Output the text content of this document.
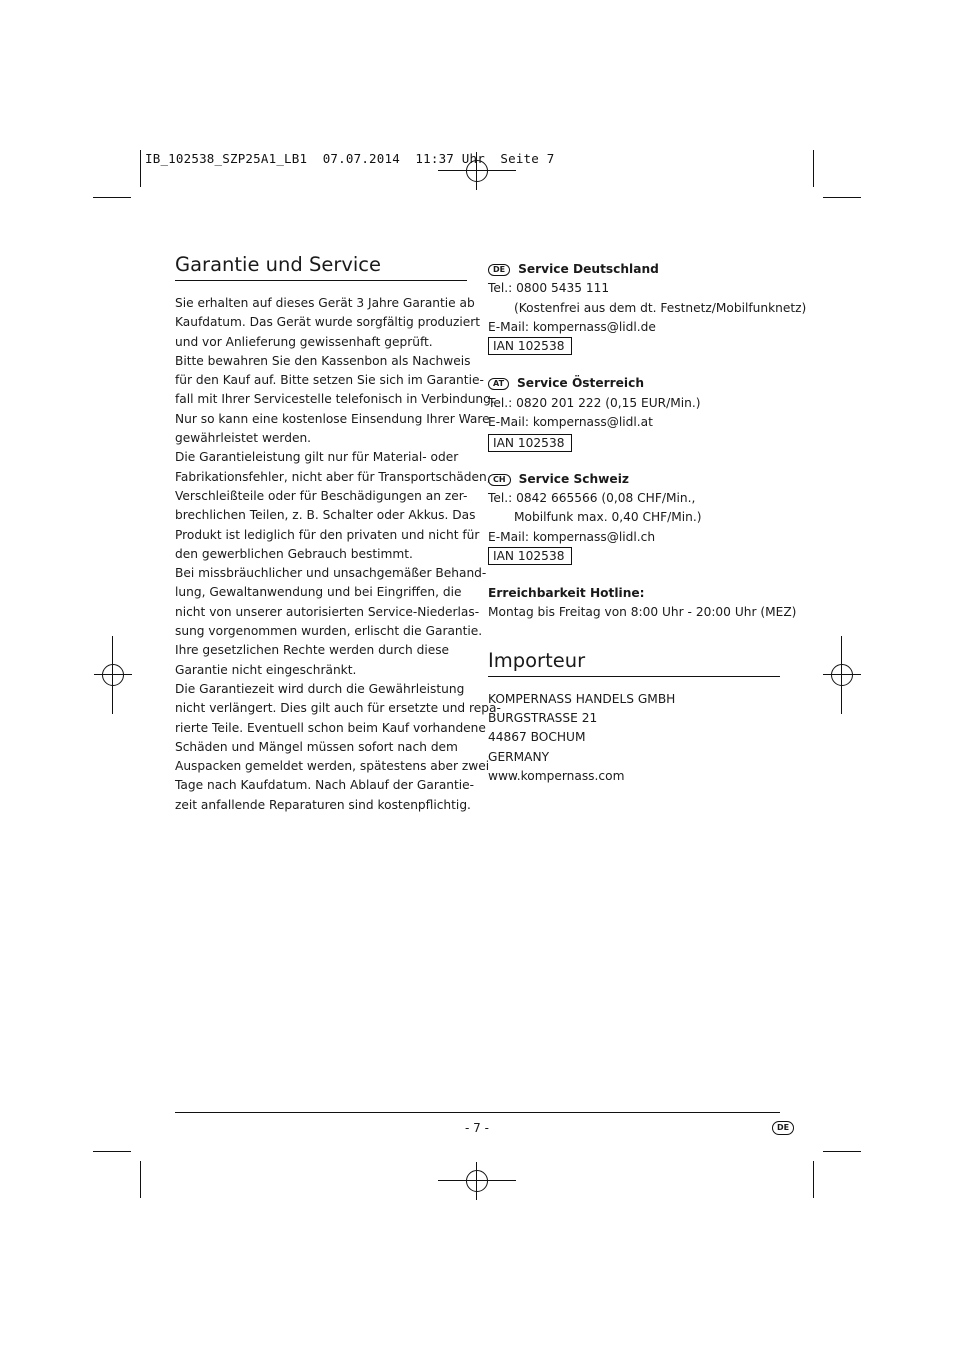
IB_102538_SZP25A1_LB1  07.07.2014  11:37 Uhr  Seite 7
Garantie und Service
Sie erhalten auf dieses Gerät 3 Jahre Garantie ab
Kaufdatum. Das Gerät wurde sorgfältig produziert
und vor Anlieferung gewissenhaft geprüft.
Bitte bewahren Sie den Kassenbon als Nachweis
für den Kauf auf. Bitte setzen Sie sich im Garantie-
fall mit Ihrer Servicestelle telefonisch in Verbindung.
Nur so kann eine kostenlose Einsendung Ihrer Ware
gewährleistet werden.
Die Garantieleistung gilt nur für Material- oder
Fabrikationsfehler, nicht aber für Transportschäden,
Verschleißteile oder für Beschädigungen an zer-
brechlichen Teilen, z. B. Schalter oder Akkus. Das
Produkt ist lediglich für den privaten und nicht für
den gewerblichen Gebrauch bestimmt.
Bei missbräuchlicher und unsachgemäßer Behand-
lung, Gewaltanwendung und bei Eingriffen, die
nicht von unserer autorisierten Service-Niederlas-
sung vorgenommen wurden, erlischt die Garantie.
Ihre gesetzlichen Rechte werden durch diese
Garantie nicht eingeschränkt.
Die Garantiezeit wird durch die Gewährleistung
nicht verlängert. Dies gilt auch für ersetzte und repa-
rierte Teile. Eventuell schon beim Kauf vorhandene
Schäden und Mängel müssen sofort nach dem
Auspacken gemeldet werden, spätestens aber zwei
Tage nach Kaufdatum. Nach Ablauf der Garantie-
zeit anfallende Reparaturen sind kostenpflichtig.
DE Service Deutschland
Tel.: 0800 5435 111
(Kostenfrei aus dem dt. Festnetz/Mobilfunknetz)
E-Mail: kompernass@lidl.de
IAN 102538
AT Service Österreich
Tel.: 0820 201 222 (0,15 EUR/Min.)
E-Mail: kompernass@lidl.at
IAN 102538
CH Service Schweiz
Tel.: 0842 665566 (0,08 CHF/Min.,
Mobilfunk max. 0,40 CHF/Min.)
E-Mail: kompernass@lidl.ch
IAN 102538
Erreichbarkeit Hotline:
Montag bis Freitag von 8:00 Uhr - 20:00 Uhr (MEZ)
Importeur
KOMPERNASS HANDELS GMBH
BURGSTRASSE 21
44867 BOCHUM
GERMANY
www.kompernass.com
- 7 -	DE
